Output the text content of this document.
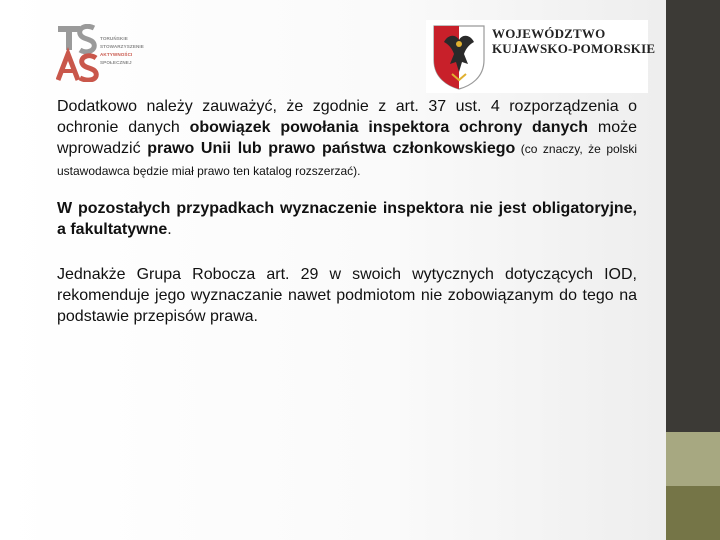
TORUŃSKIE
STOWARZYSZENIE
AKTYWNOŚCI
SPOŁECZNEJ
WOJEWÓDZTWO
KUJAWSKO-POMORSKIE

Dodatkowo należy zauważyć, że zgodnie z art. 37 ust. 4 rozporządzenia o ochronie danych obowiązek powołania inspektora ochrony danych może wprowadzić prawo Unii lub prawo państwa członkowskiego (co znaczy, że polski ustawodawca będzie miał prawo ten katalog rozszerzać).

W pozostałych przypadkach wyznaczenie inspektora nie jest obligatoryjne, a fakultatywne.

Jednakże Grupa Robocza art. 29 w swoich wytycznych dotyczących IOD, rekomenduje jego wyznaczanie nawet podmiotom nie zobowiązanym do tego na podstawie przepisów prawa.
